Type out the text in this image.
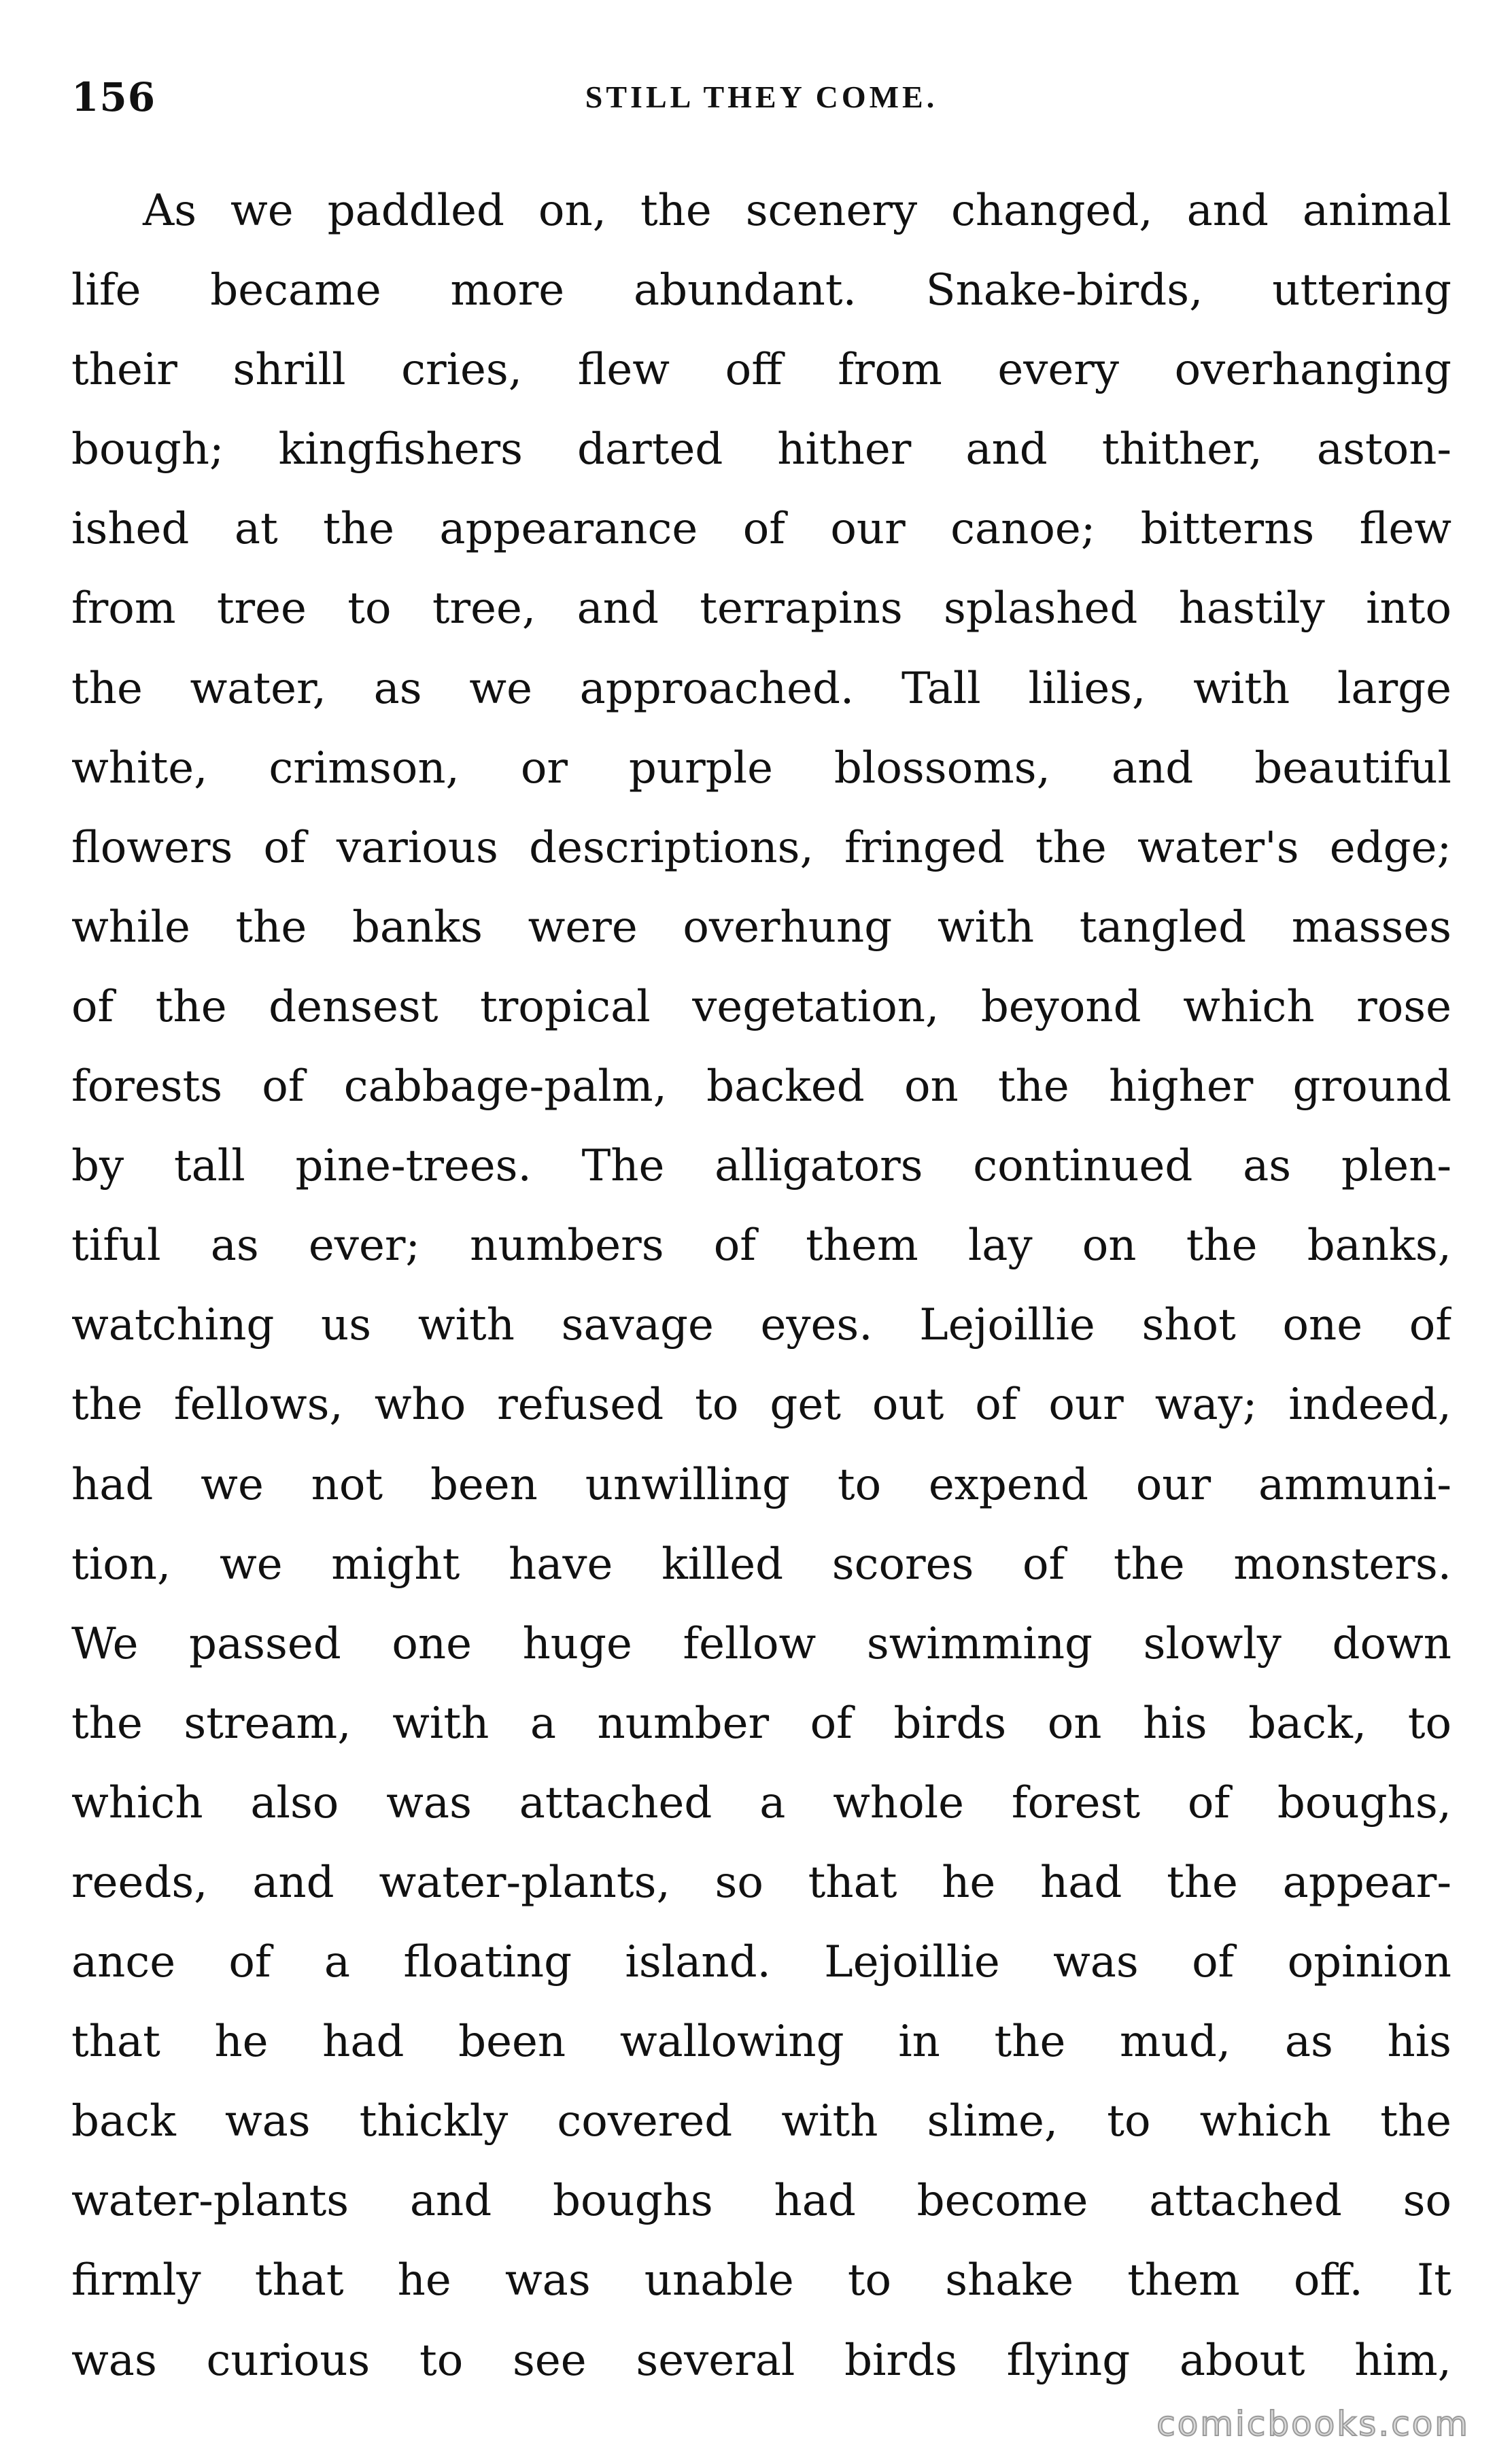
156	STILL THEY COME.
As we paddled on, the scenery changed, and animal
life became more abundant. Snake-birds, uttering
their shrill cries, flew off from every overhanging
bough; kingfishers darted hither and thither, aston-
ished at the appearance of our canoe; bitterns flew
from tree to tree, and terrapins splashed hastily into
the water, as we approached. Tall lilies, with large
white, crimson, or purple blossoms, and beautiful
flowers of various descriptions, fringed the water's edge;
while the banks were overhung with tangled masses
of the densest tropical vegetation, beyond which rose
forests of cabbage-palm, backed on the higher ground
by tall pine-trees. The alligators continued as plen-
tiful as ever; numbers of them lay on the banks,
watching us with savage eyes. Lejoillie shot one of
the fellows, who refused to get out of our way; indeed,
had we not been unwilling to expend our ammuni-
tion, we might have killed scores of the monsters.
We passed one huge fellow swimming slowly down
the stream, with a number of birds on his back, to
which also was attached a whole forest of boughs,
reeds, and water-plants, so that he had the appear-
ance of a floating island. Lejoillie was of opinion
that he had been wallowing in the mud, as his
back was thickly covered with slime, to which the
water-plants and boughs had become attached so
firmly that he was unable to shake them off. It
was curious to see several birds flying about him,
comicbooks.com
